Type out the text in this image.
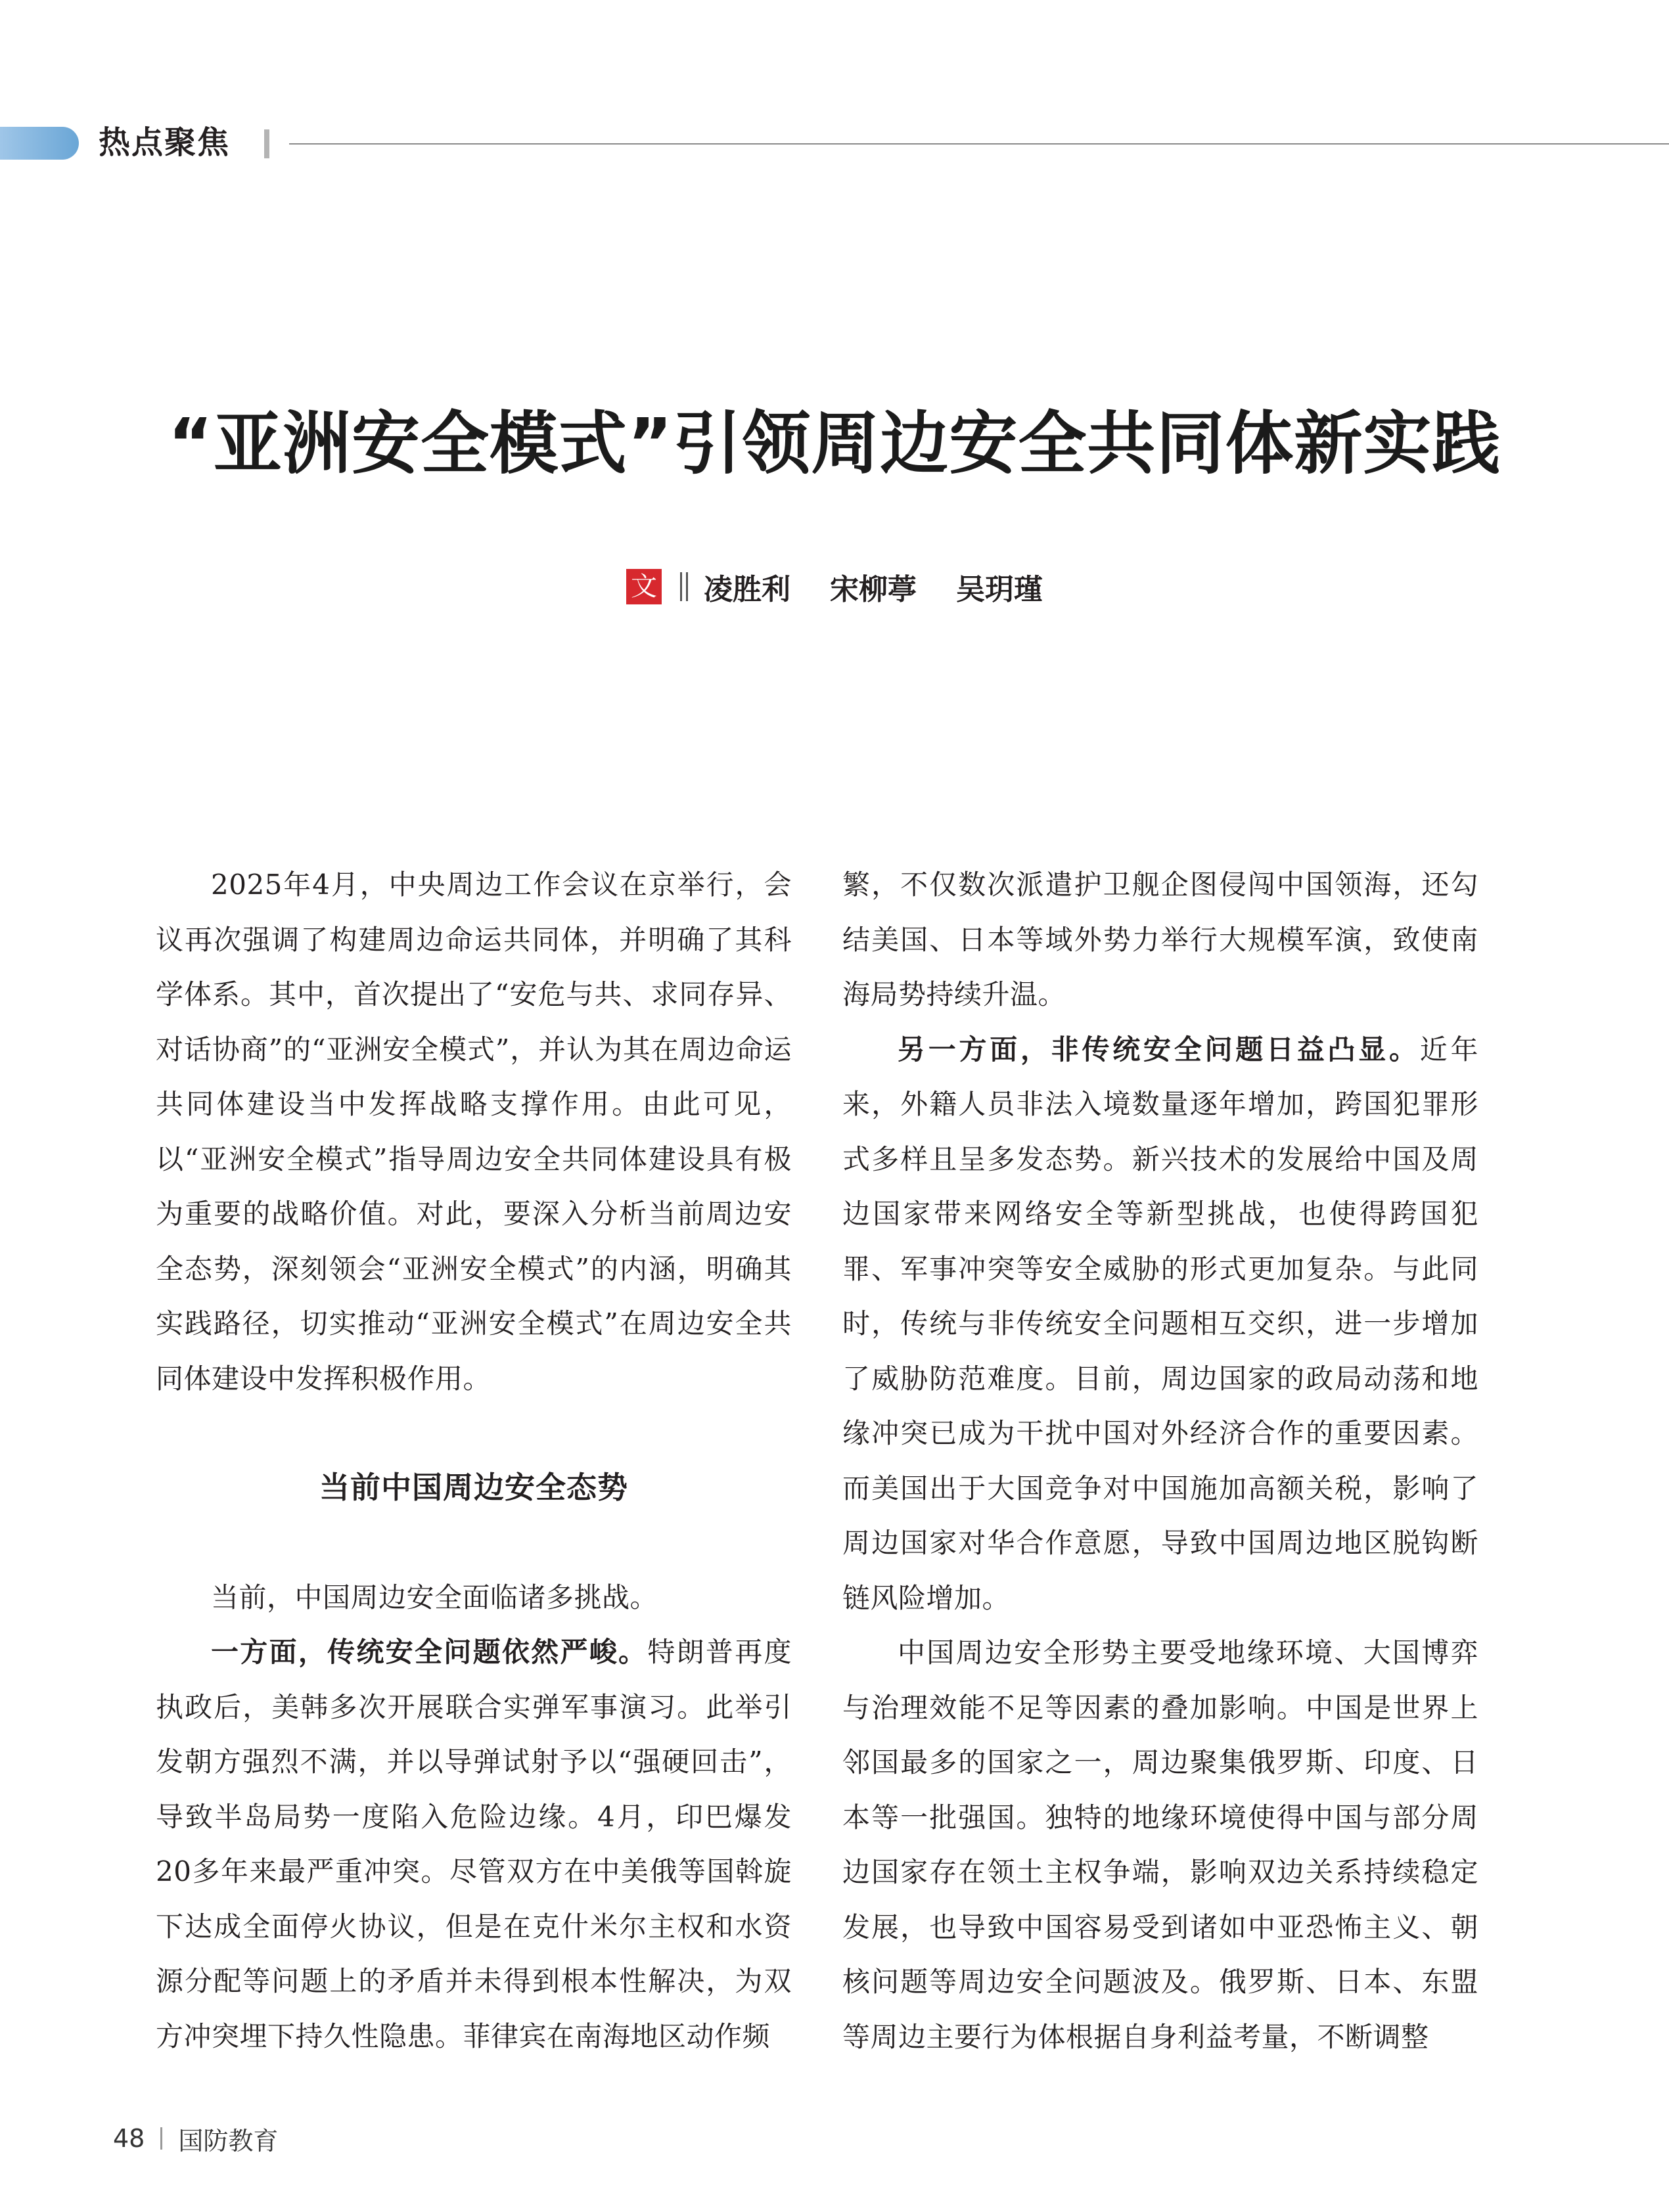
热点聚焦
“亚洲安全模式”引领周边安全共同体新实践
文 凌胜利 宋柳葶 吴玥瑾

2025年4月，中央周边工作会议在京举行，会议再次强调了构建周边命运共同体，并明确了其科学体系。其中，首次提出了“安危与共、求同存异、对话协商”的“亚洲安全模式”，并认为其在周边命运共同体建设当中发挥战略支撑作用。由此可见，以“亚洲安全模式”指导周边安全共同体建设具有极为重要的战略价值。对此，要深入分析当前周边安全态势，深刻领会“亚洲安全模式”的内涵，明确其实践路径，切实推动“亚洲安全模式”在周边安全共同体建设中发挥积极作用。

当前中国周边安全态势

当前，中国周边安全面临诸多挑战。

一方面，传统安全问题依然严峻。特朗普再度执政后，美韩多次开展联合实弹军事演习。此举引发朝方强烈不满，并以导弹试射予以“强硬回击”，导致半岛局势一度陷入危险边缘。4月，印巴爆发20多年来最严重冲突。尽管双方在中美俄等国斡旋下达成全面停火协议，但是在克什米尔主权和水资源分配等问题上的矛盾并未得到根本性解决，为双方冲突埋下持久性隐患。菲律宾在南海地区动作频

繁，不仅数次派遣护卫舰企图侵闯中国领海，还勾结美国、日本等域外势力举行大规模军演，致使南海局势持续升温。

另一方面，非传统安全问题日益凸显。近年来，外籍人员非法入境数量逐年增加，跨国犯罪形式多样且呈多发态势。新兴技术的发展给中国及周边国家带来网络安全等新型挑战，也使得跨国犯罪、军事冲突等安全威胁的形式更加复杂。与此同时，传统与非传统安全问题相互交织，进一步增加了威胁防范难度。目前，周边国家的政局动荡和地缘冲突已成为干扰中国对外经济合作的重要因素。而美国出于大国竞争对中国施加高额关税，影响了周边国家对华合作意愿，导致中国周边地区脱钩断链风险增加。

中国周边安全形势主要受地缘环境、大国博弈与治理效能不足等因素的叠加影响。中国是世界上邻国最多的国家之一，周边聚集俄罗斯、印度、日本等一批强国。独特的地缘环境使得中国与部分周边国家存在领土主权争端，影响双边关系持续稳定发展，也导致中国容易受到诸如中亚恐怖主义、朝核问题等周边安全问题波及。俄罗斯、日本、东盟等周边主要行为体根据自身利益考量，不断调整

48 国防教育
